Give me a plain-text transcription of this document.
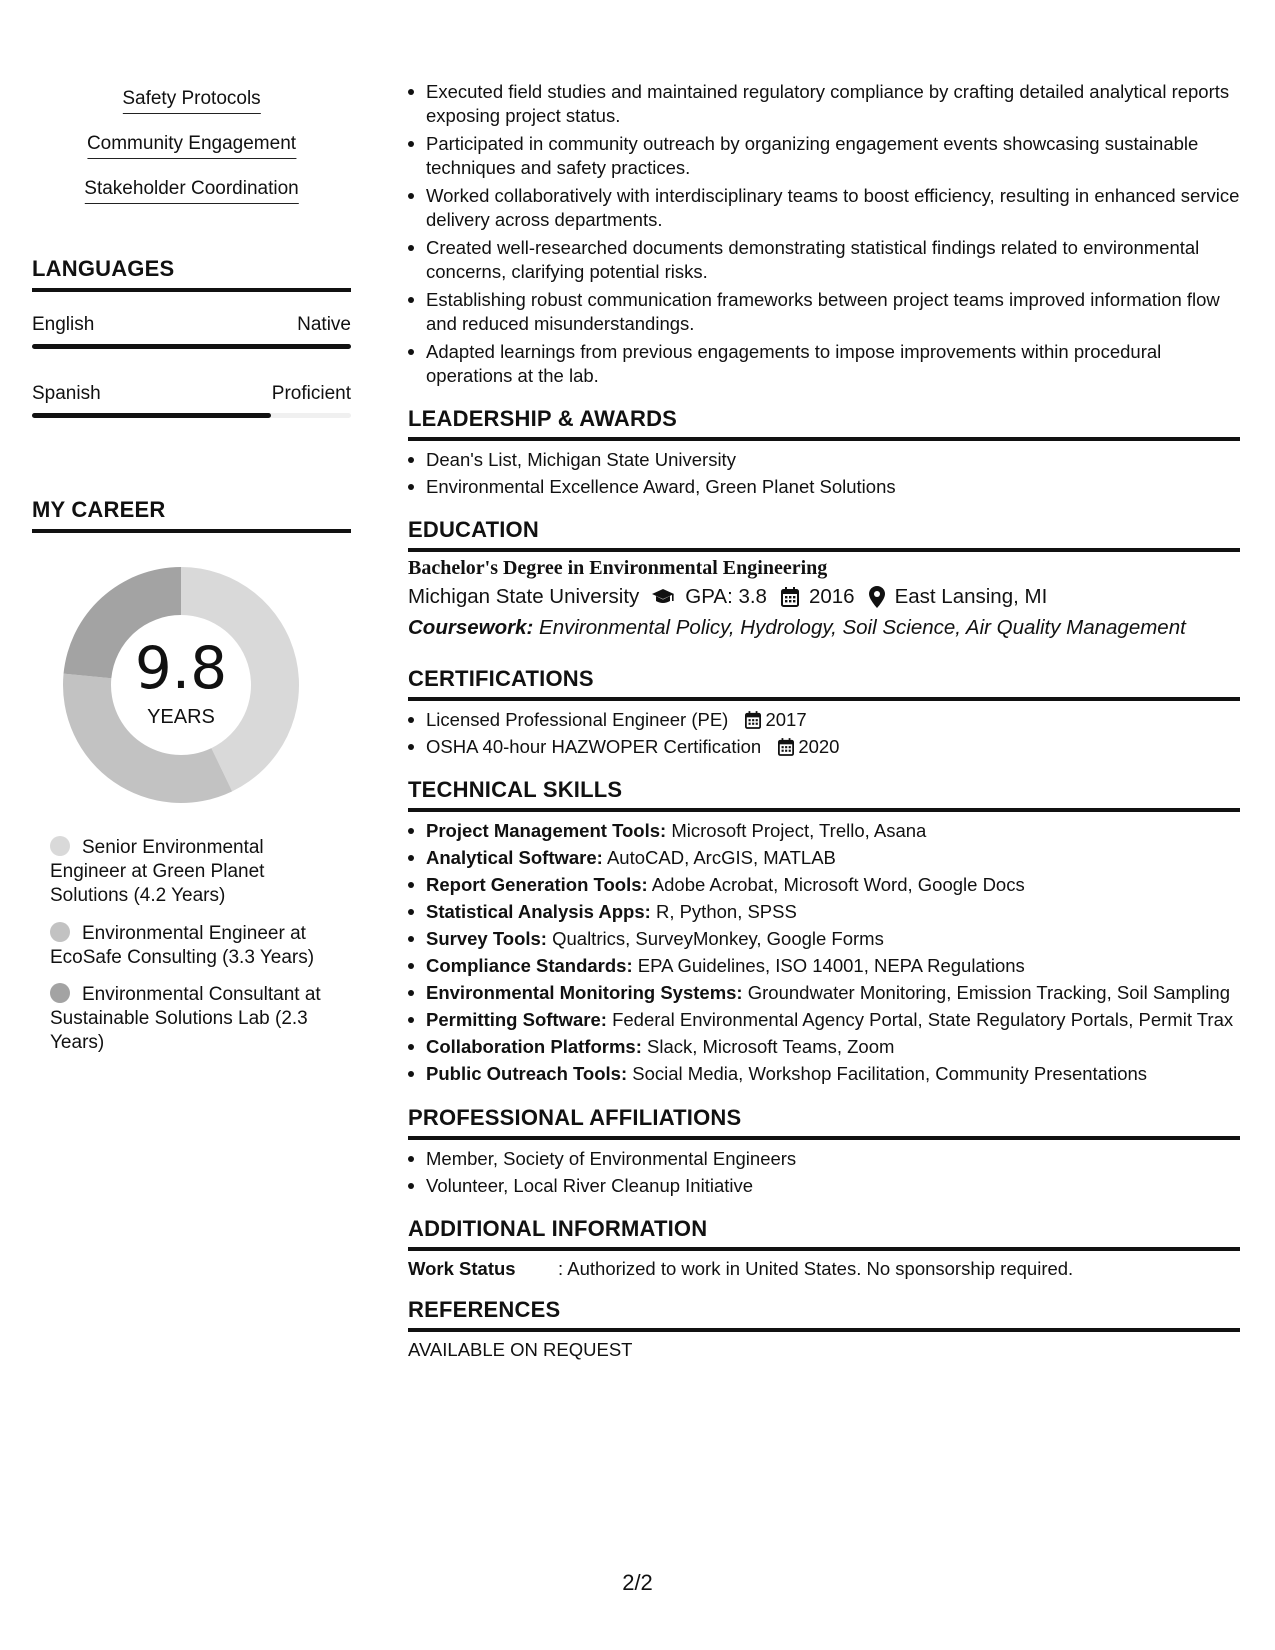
Safety Protocols
Community Engagement
Stakeholder Coordination
LANGUAGES
English	Native
Spanish	Proficient
MY CAREER
9.8
YEARS
Senior Environmental Engineer at Green Planet Solutions (4.2 Years)
Environmental Engineer at EcoSafe Consulting (3.3 Years)
Environmental Consultant at Sustainable Solutions Lab (2.3 Years)
Executed field studies and maintained regulatory compliance by crafting detailed analytical reports exposing project status.
Participated in community outreach by organizing engagement events showcasing sustainable techniques and safety practices.
Worked collaboratively with interdisciplinary teams to boost efficiency, resulting in enhanced service delivery across departments.
Created well-researched documents demonstrating statistical findings related to environmental concerns, clarifying potential risks.
Establishing robust communication frameworks between project teams improved information flow and reduced misunderstandings.
Adapted learnings from previous engagements to impose improvements within procedural operations at the lab.
LEADERSHIP & AWARDS
Dean's List, Michigan State University
Environmental Excellence Award, Green Planet Solutions
EDUCATION
Bachelor's Degree in Environmental Engineering
Michigan State University GPA: 3.8 2016 East Lansing, MI
Coursework: Environmental Policy, Hydrology, Soil Science, Air Quality Management
CERTIFICATIONS
Licensed Professional Engineer (PE) 2017
OSHA 40-hour HAZWOPER Certification 2020
TECHNICAL SKILLS
Project Management Tools: Microsoft Project, Trello, Asana
Analytical Software: AutoCAD, ArcGIS, MATLAB
Report Generation Tools: Adobe Acrobat, Microsoft Word, Google Docs
Statistical Analysis Apps: R, Python, SPSS
Survey Tools: Qualtrics, SurveyMonkey, Google Forms
Compliance Standards: EPA Guidelines, ISO 14001, NEPA Regulations
Environmental Monitoring Systems: Groundwater Monitoring, Emission Tracking, Soil Sampling
Permitting Software: Federal Environmental Agency Portal, State Regulatory Portals, Permit Trax
Collaboration Platforms: Slack, Microsoft Teams, Zoom
Public Outreach Tools: Social Media, Workshop Facilitation, Community Presentations
PROFESSIONAL AFFILIATIONS
Member, Society of Environmental Engineers
Volunteer, Local River Cleanup Initiative
ADDITIONAL INFORMATION
Work Status	: Authorized to work in United States. No sponsorship required.
REFERENCES
AVAILABLE ON REQUEST
2/2
